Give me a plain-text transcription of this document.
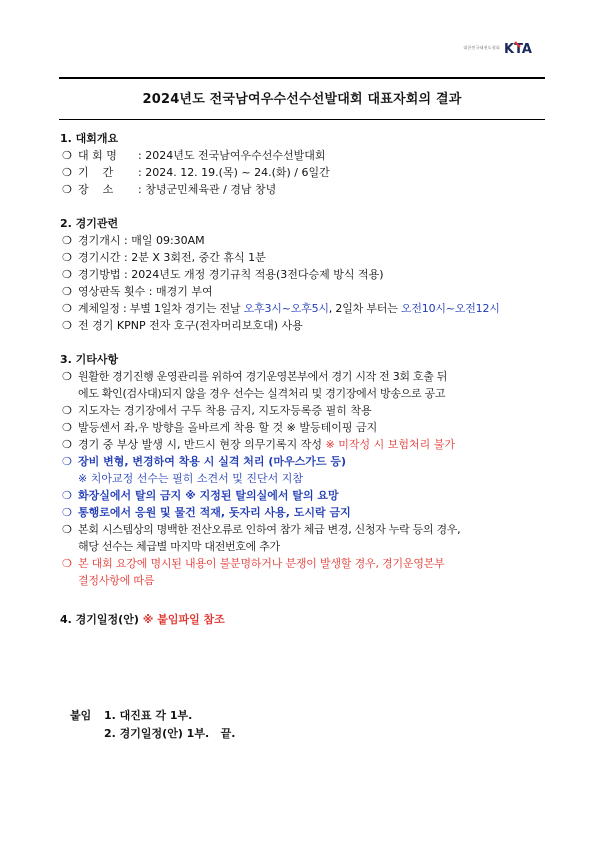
대한민국태권도협회 KTA
2024년도 전국남여우수선수선발대회 대표자회의 결과
1. 대회개요
❍ 대 회 명 : 2024년도 전국남여우수선수선발대회
❍ 기    간 : 2024. 12. 19.(목) ~ 24.(화) / 6일간
❍ 장    소 : 창녕군민체육관 / 경남 창녕
2. 경기관련
❍ 경기개시 : 매일 09:30AM
❍ 경기시간 : 2분 X 3회전, 중간 휴식 1분
❍ 경기방법 : 2024년도 개정 경기규칙 적용(3전다승제 방식 적용)
❍ 영상판독 횟수 : 매경기 부여
❍ 계체일정 : 부별 1일차 경기는 전날 오후3시~오후5시, 2일차 부터는 오전10시~오전12시
❍ 전 경기 KPNP 전자 호구(전자머리보호대) 사용
3. 기타사항
❍ 원활한 경기진행 운영관리를 위하여 경기운영본부에서 경기 시작 전 3회 호출 뒤
에도 확인(검사대)되지 않을 경우 선수는 실격처리 및 경기장에서 방송으로 공고
❍ 지도자는 경기장에서 구두 착용 금지, 지도자등록증 필히 착용
❍ 발등센서 좌,우 방향을 올바르게 착용 할 것 ※ 발등테이핑 금지
❍ 경기 중 부상 발생 시, 반드시 현장 의무기록지 작성 ※ 미작성 시 보험처리 불가
❍ 장비 변형, 변경하여 착용 시 실격 처리 (마우스가드 등)
※ 치아교정 선수는 필히 소견서 및 진단서 지참
❍ 화장실에서 탈의 금지 ※ 지정된 탈의실에서 탈의 요망
❍ 통행로에서 응원 및 물건 적재, 돗자리 사용, 도시락 금지
❍ 본회 시스템상의 명백한 전산오류로 인하여 참가 체급 변경, 신청자 누락 등의 경우,
해당 선수는 체급별 마지막 대전번호에 추가
❍ 본 대회 요강에 명시된 내용이 불분명하거나 분쟁이 발생할 경우, 경기운영본부
결정사항에 따름
4. 경기일정(안) ※ 붙임파일 참조
붙임	1. 대진표 각 1부.
2. 경기일정(안) 1부.   끝.
